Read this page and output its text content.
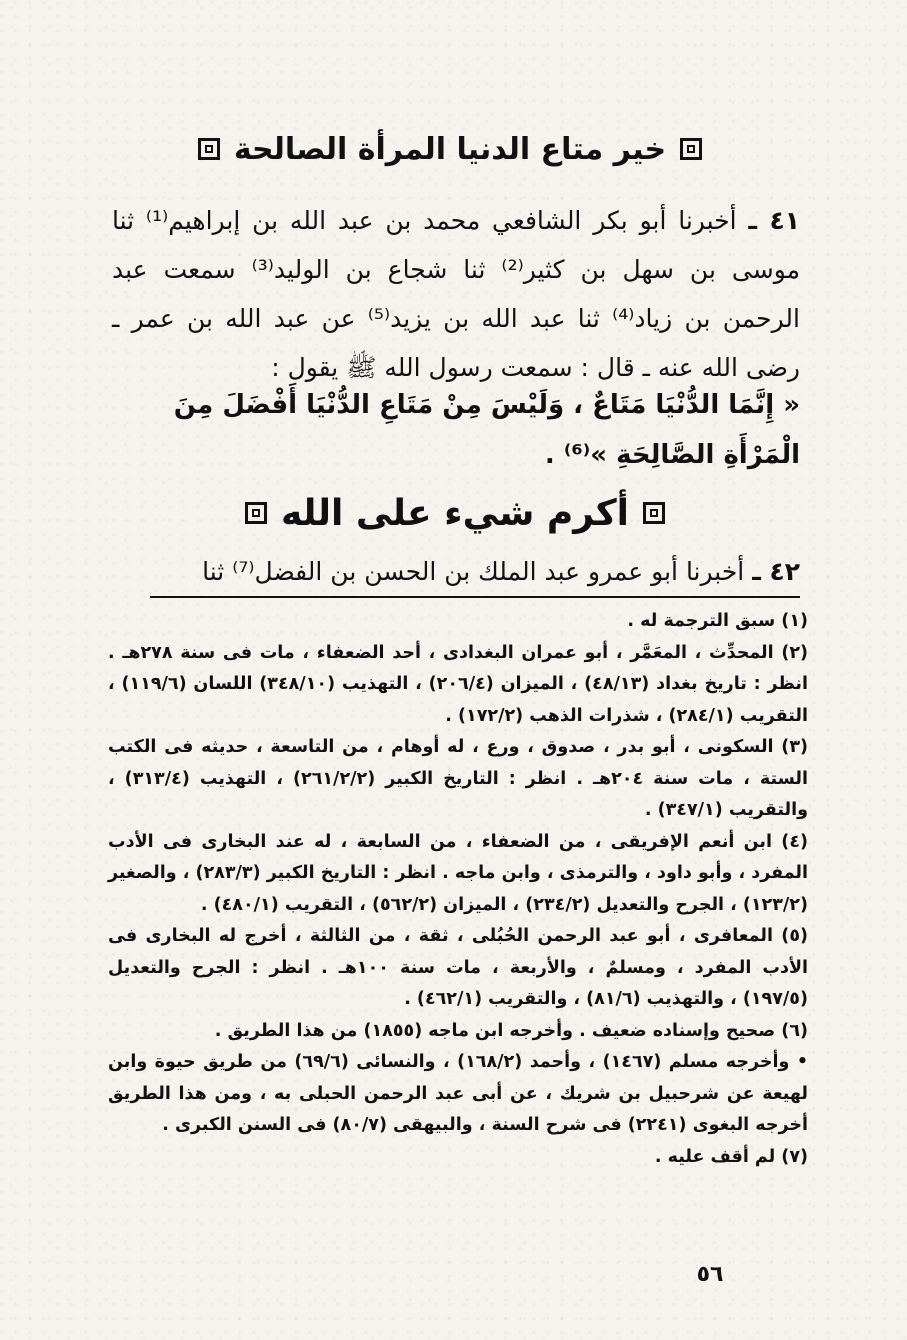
خير متاع الدنيا المرأة الصالحة
٤١ ـ أخبرنا أبو بكر الشافعي محمد بن عبد الله بن إبراهيم⁽¹⁾ ثنا موسى بن سهل بن كثير⁽²⁾ ثنا شجاع بن الوليد⁽³⁾ سمعت عبد الرحمن بن زياد⁽⁴⁾ ثنا عبد الله بن يزيد⁽⁵⁾ عن عبد الله بن عمر ـ رضى الله عنه ـ قال : سمعت رسول الله ﷺ يقول :
« إِنَّمَا الدُّنْيَا مَتَاعٌ ، وَلَيْسَ مِنْ مَتَاعِ الدُّنْيَا أَفْضَلَ مِنَ الْمَرْأَةِ الصَّالِحَةِ »⁽⁶⁾ .
أكرم شيء على الله
٤٢ ـ أخبرنا أبو عمرو عبد الملك بن الحسن بن الفضل⁽⁷⁾ ثنا

(١) سبق الترجمة له .

(٢) المحدِّث ، المعَمَّر ، أبو عمران البغدادى ، أحد الضعفاء ، مات فى سنة ٢٧٨هـ . انظر : تاريخ بغداد (٤٨/١٣) ، الميزان (٢٠٦/٤) ، التهذيب (٣٤٨/١٠) اللسان (١١٩/٦) ، التقريب (٢٨٤/١) ، شذرات الذهب (١٧٢/٢) .

(٣) السكونى ، أبو بدر ، صدوق ، ورع ، له أوهام ، من التاسعة ، حديثه فى الكتب الستة ، مات سنة ٢٠٤هـ . انظر : التاريخ الكبير (٢٦١/٢/٢) ، التهذيب (٣١٣/٤) ، والتقريب (٣٤٧/١) .

(٤) ابن أنعم الإفريقى ، من الضعفاء ، من السابعة ، له عند البخارى فى الأدب المفرد ، وأبو داود ، والترمذى ، وابن ماجه . انظر : التاريخ الكبير (٢٨٣/٣) ، والصغير (١٢٣/٢) ، الجرح والتعديل (٢٣٤/٢) ، الميزان (٥٦٢/٢) ، التقريب (٤٨٠/١) .

(٥) المعافرى ، أبو عبد الرحمن الحُبُلى ، ثقة ، من الثالثة ، أخرج له البخارى فى الأدب المفرد ، ومسلمٌ ، والأربعة ، مات سنة ١٠٠هـ . انظر : الجرح والتعديل (١٩٧/٥) ، والتهذيب (٨١/٦) ، والتقريب (٤٦٢/١) .

(٦) صحيح وإسناده ضعيف . وأخرجه ابن ماجه (١٨٥٥) من هذا الطريق .

• وأخرجه مسلم (١٤٦٧) ، وأحمد (١٦٨/٢) ، والنسائى (٦٩/٦) من طريق حيوة وابن لهيعة عن شرحبيل بن شريك ، عن أبى عبد الرحمن الحبلى به ، ومن هذا الطريق أخرجه البغوى (٢٢٤١) فى شرح السنة ، والبيهقى (٨٠/٧) فى السنن الكبرى .

(٧) لم أقف عليه .

٥٦
